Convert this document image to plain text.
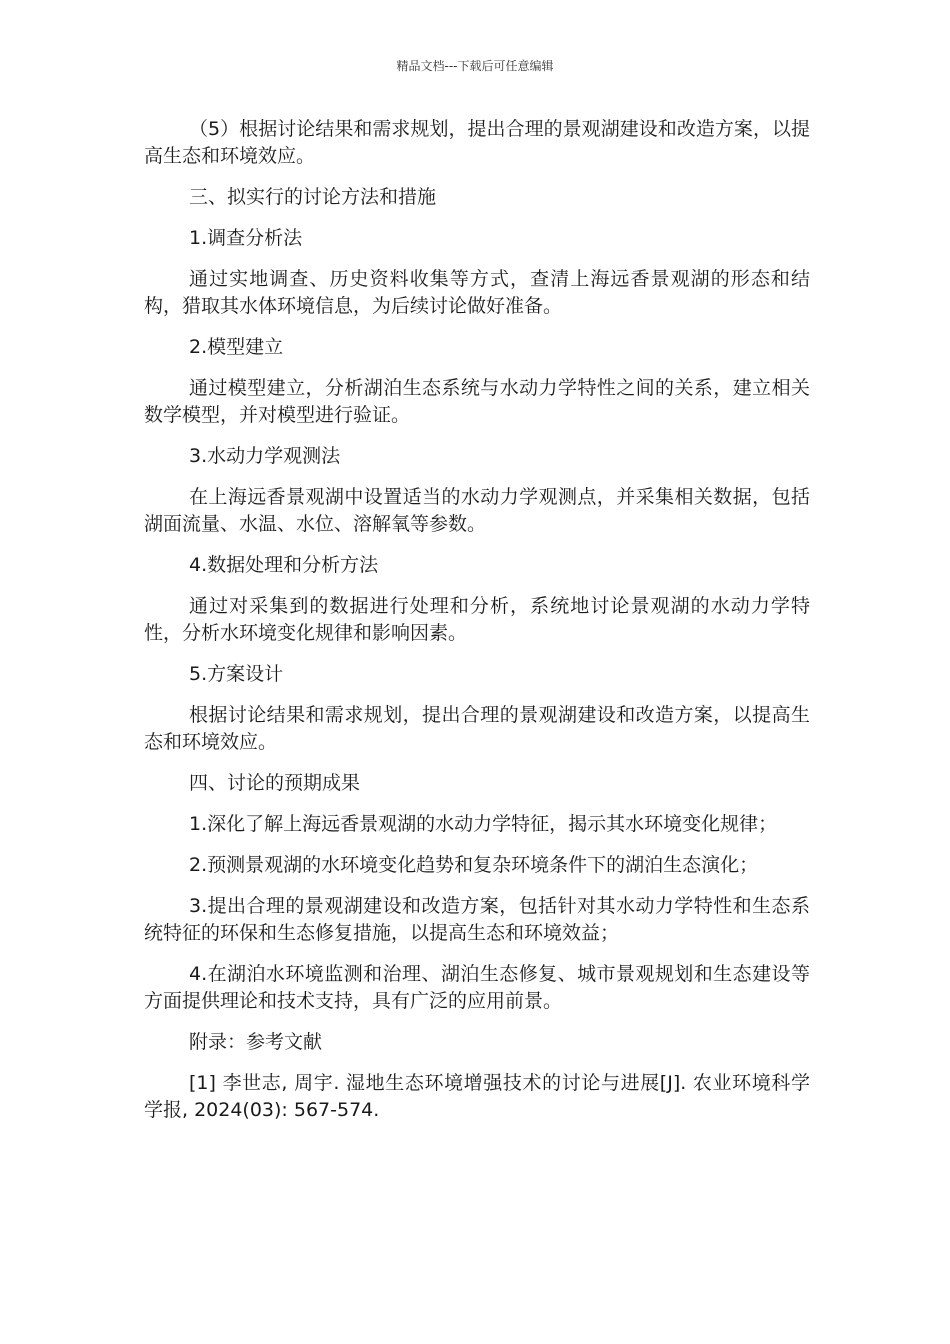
精品文档---下载后可任意编辑

（5）根据讨论结果和需求规划，提出合理的景观湖建设和改造方案，以提高生态和环境效应。

三、拟实行的讨论方法和措施

1.调查分析法

通过实地调查、历史资料收集等方式，查清上海远香景观湖的形态和结构，猎取其水体环境信息，为后续讨论做好准备。

2.模型建立

通过模型建立，分析湖泊生态系统与水动力学特性之间的关系，建立相关数学模型，并对模型进行验证。

3.水动力学观测法

在上海远香景观湖中设置适当的水动力学观测点，并采集相关数据，包括湖面流量、水温、水位、溶解氧等参数。

4.数据处理和分析方法

通过对采集到的数据进行处理和分析，系统地讨论景观湖的水动力学特性，分析水环境变化规律和影响因素。

5.方案设计

根据讨论结果和需求规划，提出合理的景观湖建设和改造方案，以提高生态和环境效应。

四、讨论的预期成果

1.深化了解上海远香景观湖的水动力学特征，揭示其水环境变化规律；

2.预测景观湖的水环境变化趋势和复杂环境条件下的湖泊生态演化；

3.提出合理的景观湖建设和改造方案，包括针对其水动力学特性和生态系统特征的环保和生态修复措施，以提高生态和环境效益；

4.在湖泊水环境监测和治理、湖泊生态修复、城市景观规划和生态建设等方面提供理论和技术支持，具有广泛的应用前景。

附录：参考文献

[1] 李世志, 周宇. 湿地生态环境增强技术的讨论与进展[J]. 农业环境科学学报, 2024(03): 567-574.
